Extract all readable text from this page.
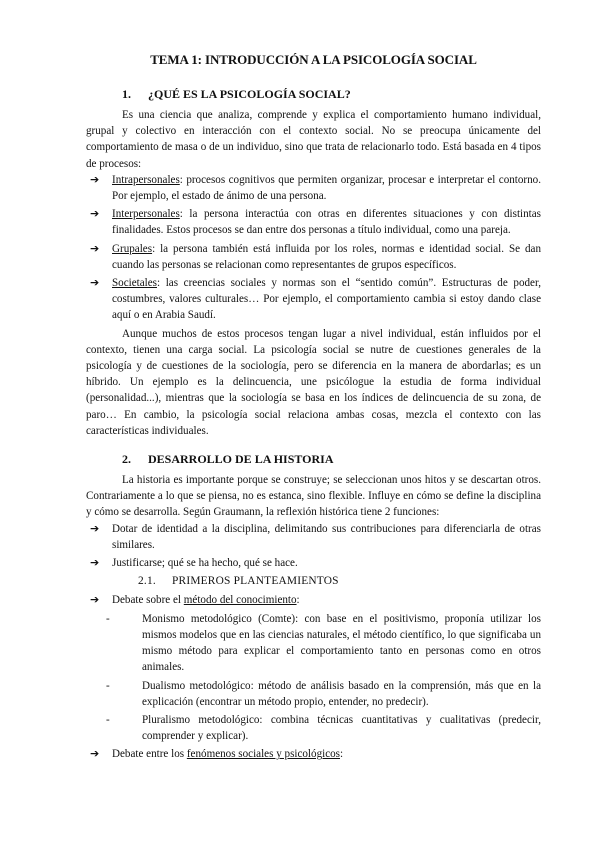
TEMA 1: INTRODUCCIÓN A LA PSICOLOGÍA SOCIAL
1.	¿QUÉ ES LA PSICOLOGÍA SOCIAL?

Es una ciencia que analiza, comprende y explica el comportamiento humano individual, grupal y colectivo en interacción con el contexto social. No se preocupa únicamente del comportamiento de masa o de un individuo, sino que trata de relacionarlo todo. Está basada en 4 tipos de procesos:

➔ Intrapersonales: procesos cognitivos que permiten organizar, procesar e interpretar el contorno. Por ejemplo, el estado de ánimo de una persona.
➔ Interpersonales: la persona interactúa con otras en diferentes situaciones y con distintas finalidades. Estos procesos se dan entre dos personas a título individual, como una pareja.
➔ Grupales: la persona también está influida por los roles, normas e identidad social. Se dan cuando las personas se relacionan como representantes de grupos específicos.
➔ Societales: las creencias sociales y normas son el “sentido común”. Estructuras de poder, costumbres, valores culturales… Por ejemplo, el comportamiento cambia si estoy dando clase aquí o en Arabia Saudí.

Aunque muchos de estos procesos tengan lugar a nivel individual, están influidos por el contexto, tienen una carga social. La psicología social se nutre de cuestiones generales de la psicología y de cuestiones de la sociología, pero se diferencia en la manera de abordarlas; es un híbrido. Un ejemplo es la delincuencia, une psicólogue la estudia de forma individual (personalidad...), mientras que la sociología se basa en los índices de delincuencia de su zona, de paro… En cambio, la psicología social relaciona ambas cosas, mezcla el contexto con las características individuales.

2.	DESARROLLO DE LA HISTORIA

La historia es importante porque se construye; se seleccionan unos hitos y se descartan otros. Contrariamente a lo que se piensa, no es estanca, sino flexible. Influye en cómo se define la disciplina y cómo se desarrolla. Según Graumann, la reflexión histórica tiene 2 funciones:

➔ Dotar de identidad a la disciplina, delimitando sus contribuciones para diferenciarla de otras similares.
➔ Justificarse; qué se ha hecho, qué se hace.
2.1.	PRIMEROS PLANTEAMIENTOS
➔ Debate sobre el método del conocimiento:
-	Monismo metodológico (Comte): con base en el positivismo, proponía utilizar los mismos modelos que en las ciencias naturales, el método científico, lo que significaba un mismo método para explicar el comportamiento tanto en personas como en otros animales.
-	Dualismo metodológico: método de análisis basado en la comprensión, más que en la explicación (encontrar un método propio, entender, no predecir).
-	Pluralismo metodológico: combina técnicas cuantitativas y cualitativas (predecir, comprender y explicar).
➔ Debate entre los fenómenos sociales y psicológicos:
